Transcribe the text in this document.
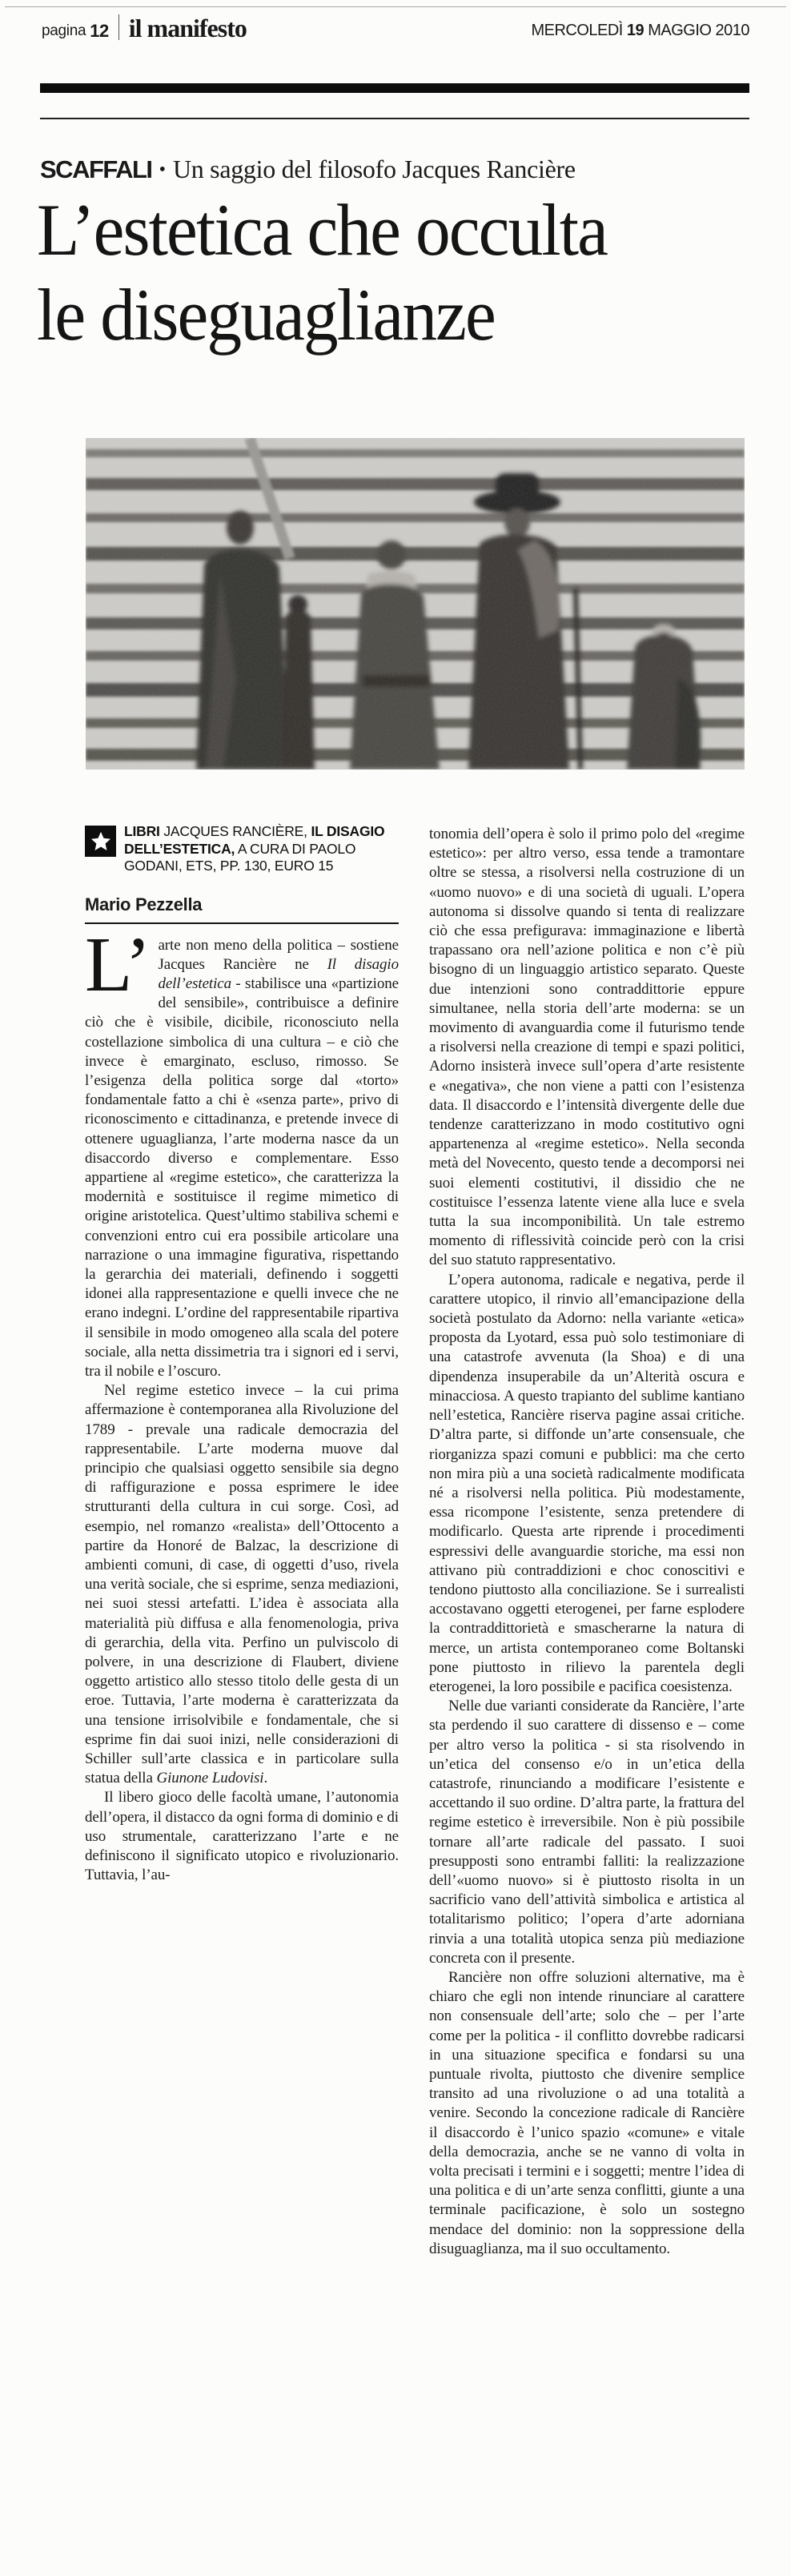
pagina 12 il manifesto	MERCOLEDÌ 19 MAGGIO 2010
SCAFFALI • Un saggio del filosofo Jacques Rancière
L’estetica che occulta
le diseguaglianze
LIBRI JACQUES RANCIÈRE, IL DISAGIO DELL’ESTETICA, A CURA DI PAOLO GODANI, ETS, PP. 130, EURO 15
Mario Pezzella

L’ arte non meno della politica – sostiene Jacques Rancière ne Il disagio dell’estetica - stabilisce una «partizione del sensibile», contribuisce a definire ciò che è visibile, dicibile, riconosciuto nella costellazione simbolica di una cultura – e ciò che invece è emarginato, escluso, rimosso. Se l’esigenza della politica sorge dal «torto» fondamentale fatto a chi è «senza parte», privo di riconoscimento e cittadinanza, e pretende invece di ottenere uguaglianza, l’arte moderna nasce da un disaccordo diverso e complementare. Esso appartiene al «regime estetico», che caratterizza la modernità e sostituisce il regime mimetico di origine aristotelica. Quest’ultimo stabiliva schemi e convenzioni entro cui era possibile articolare una narrazione o una immagine figurativa, rispettando la gerarchia dei materiali, definendo i soggetti idonei alla rappresentazione e quelli invece che ne erano indegni. L’ordine del rappresentabile ripartiva il sensibile in modo omogeneo alla scala del potere sociale, alla netta dissimetria tra i signori ed i servi, tra il nobile e l’oscuro.

Nel regime estetico invece – la cui prima affermazione è contemporanea alla Rivoluzione del 1789 - prevale una radicale democrazia del rappresentabile. L’arte moderna muove dal principio che qualsiasi oggetto sensibile sia degno di raffigurazione e possa esprimere le idee strutturanti della cultura in cui sorge. Così, ad esempio, nel romanzo «realista» dell’Ottocento a partire da Honoré de Balzac, la descrizione di ambienti comuni, di case, di oggetti d’uso, rivela una verità sociale, che si esprime, senza mediazioni, nei suoi stessi artefatti. L’idea è associata alla materialità più diffusa e alla fenomenologia, priva di gerarchia, della vita. Perfino un pulviscolo di polvere, in una descrizione di Flaubert, diviene oggetto artistico allo stesso titolo delle gesta di un eroe. Tuttavia, l’arte moderna è caratterizzata da una tensione irrisolvibile e fondamentale, che si esprime fin dai suoi inizi, nelle considerazioni di Schiller sull’arte classica e in particolare sulla statua della Giunone Ludovisi.

Il libero gioco delle facoltà umane, l’autonomia dell’opera, il distacco da ogni forma di dominio e di uso strumentale, caratterizzano l’arte e ne definiscono il significato utopico e rivoluzionario. Tuttavia, l’au-

tonomia dell’opera è solo il primo polo del «regime estetico»: per altro verso, essa tende a tramontare oltre se stessa, a risolversi nella costruzione di un «uomo nuovo» e di una società di uguali. L’opera autonoma si dissolve quando si tenta di realizzare ciò che essa prefigurava: immaginazione e libertà trapassano ora nell’azione politica e non c’è più bisogno di un linguaggio artistico separato. Queste due intenzioni sono contraddittorie eppure simultanee, nella storia dell’arte moderna: se un movimento di avanguardia come il futurismo tende a risolversi nella creazione di tempi e spazi politici, Adorno insisterà invece sull’opera d’arte resistente e «negativa», che non viene a patti con l’esistenza data. Il disaccordo e l’intensità divergente delle due tendenze caratterizzano in modo costitutivo ogni appartenenza al «regime estetico». Nella seconda metà del Novecento, questo tende a decomporsi nei suoi elementi costitutivi, il dissidio che ne costituisce l’essenza latente viene alla luce e svela tutta la sua incomponibilità. Un tale estremo momento di riflessività coincide però con la crisi del suo statuto rappresentativo.

L’opera autonoma, radicale e negativa, perde il carattere utopico, il rinvio all’emancipazione della società postulato da Adorno: nella variante «etica» proposta da Lyotard, essa può solo testimoniare di una catastrofe avvenuta (la Shoa) e di una dipendenza insuperabile da un’Alterità oscura e minacciosa. A questo trapianto del sublime kantiano nell’estetica, Rancière riserva pagine assai critiche. D’altra parte, si diffonde un’arte consensuale, che riorganizza spazi comuni e pubblici: ma che certo non mira più a una società radicalmente modificata né a risolversi nella politica. Più modestamente, essa ricompone l’esistente, senza pretendere di modificarlo. Questa arte riprende i procedimenti espressivi delle avanguardie storiche, ma essi non attivano più contraddizioni e choc conoscitivi e tendono piuttosto alla conciliazione. Se i surrealisti accostavano oggetti eterogenei, per farne esplodere la contraddittorietà e smascherarne la natura di merce, un artista contemporaneo come Boltanski pone piuttosto in rilievo la parentela degli eterogenei, la loro possibile e pacifica coesistenza.

Nelle due varianti considerate da Rancière, l’arte sta perdendo il suo carattere di dissenso e – come per altro verso la politica - si sta risolvendo in un’etica del consenso e/o in un’etica della catastrofe, rinunciando a modificare l’esistente e accettando il suo ordine. D’altra parte, la frattura del regime estetico è irreversibile. Non è più possibile tornare all’arte radicale del passato. I suoi presupposti sono entrambi falliti: la realizzazione dell’«uomo nuovo» si è piuttosto risolta in un sacrificio vano dell’attività simbolica e artistica al totalitarismo politico; l’opera d’arte adorniana rinvia a una totalità utopica senza più mediazione concreta con il presente.

Rancière non offre soluzioni alternative, ma è chiaro che egli non intende rinunciare al carattere non consensuale dell’arte; solo che – per l’arte come per la politica - il conflitto dovrebbe radicarsi in una situazione specifica e fondarsi su una puntuale rivolta, piuttosto che divenire semplice transito ad una rivoluzione o ad una totalità a venire. Secondo la concezione radicale di Rancière il disaccordo è l’unico spazio «comune» e vitale della democrazia, anche se ne vanno di volta in volta precisati i termini e i soggetti; mentre l’idea di una politica e di un’arte senza conflitti, giunte a una terminale pacificazione, è solo un sostegno mendace del dominio: non la soppressione della disuguaglianza, ma il suo occultamento.
